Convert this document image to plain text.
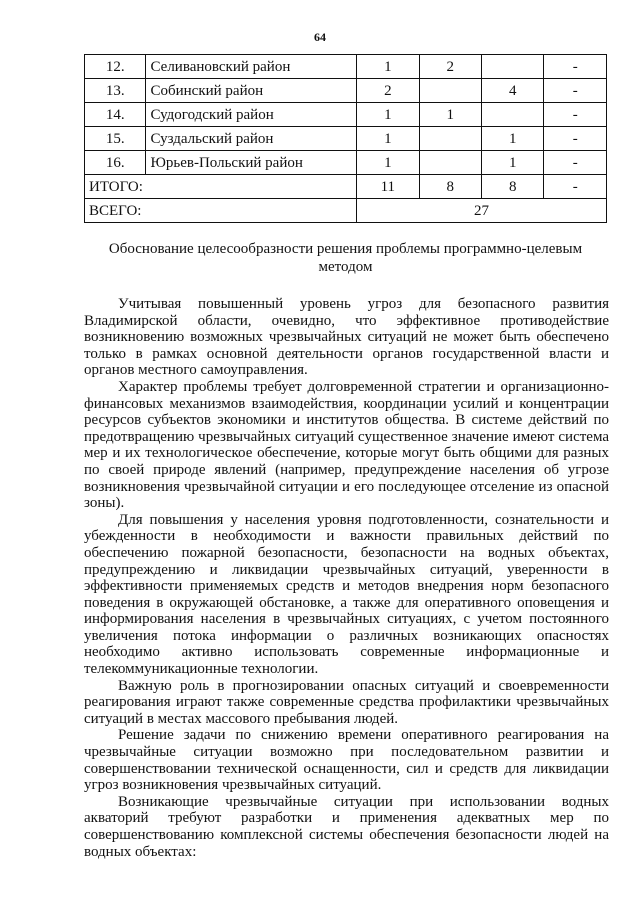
64
12.	Селивановский район	1	2		-
13.	Собинский район	2		4	-
14.	Судогодский район	1	1		-
15.	Суздальский район	1		1	-
16.	Юрьев-Польский район	1		1	-
ИТОГО:		11	8	8	-
ВСЕГО:		27			
Обоснование целесообразности решения проблемы программно-целевым методом

Учитывая повышенный уровень угроз для безопасного развития Владимирской области, очевидно, что эффективное противодействие возникновению возможных чрезвычайных ситуаций не может быть обеспечено только в рамках основной деятельности органов государственной власти и органов местного самоуправления.

Характер проблемы требует долговременной стратегии и организационно-финансовых механизмов взаимодействия, координации усилий и концентрации ресурсов субъектов экономики и институтов общества. В системе действий по предотвращению чрезвычайных ситуаций существенное значение имеют система мер и их технологическое обеспечение, которые могут быть общими для разных по своей природе явлений (например, предупреждение населения об угрозе возникновения чрезвычайной ситуации и его последующее отселение из опасной зоны).

Для повышения у населения уровня подготовленности, сознательности и убежденности в необходимости и важности правильных действий по обеспечению пожарной безопасности, безопасности на водных объектах, предупреждению и ликвидации чрезвычайных ситуаций, уверенности в эффективности применяемых средств и методов внедрения норм безопасного поведения в окружающей обстановке, а также для оперативного оповещения и информирования населения в чрезвычайных ситуациях, с учетом постоянного увеличения потока информации о различных возникающих опасностях необходимо активно использовать современные информационные и телекоммуникационные технологии.

Важную роль в прогнозировании опасных ситуаций и своевременности реагирования играют также современные средства профилактики чрезвычайных ситуаций в местах массового пребывания людей.

Решение задачи по снижению времени оперативного реагирования на чрезвычайные ситуации возможно при последовательном развитии и совершенствовании технической оснащенности, сил и средств для ликвидации угроз возникновения чрезвычайных ситуаций.

Возникающие чрезвычайные ситуации при использовании водных акваторий требуют разработки и применения адекватных мер по совершенствованию комплексной системы обеспечения безопасности людей на водных объектах:
